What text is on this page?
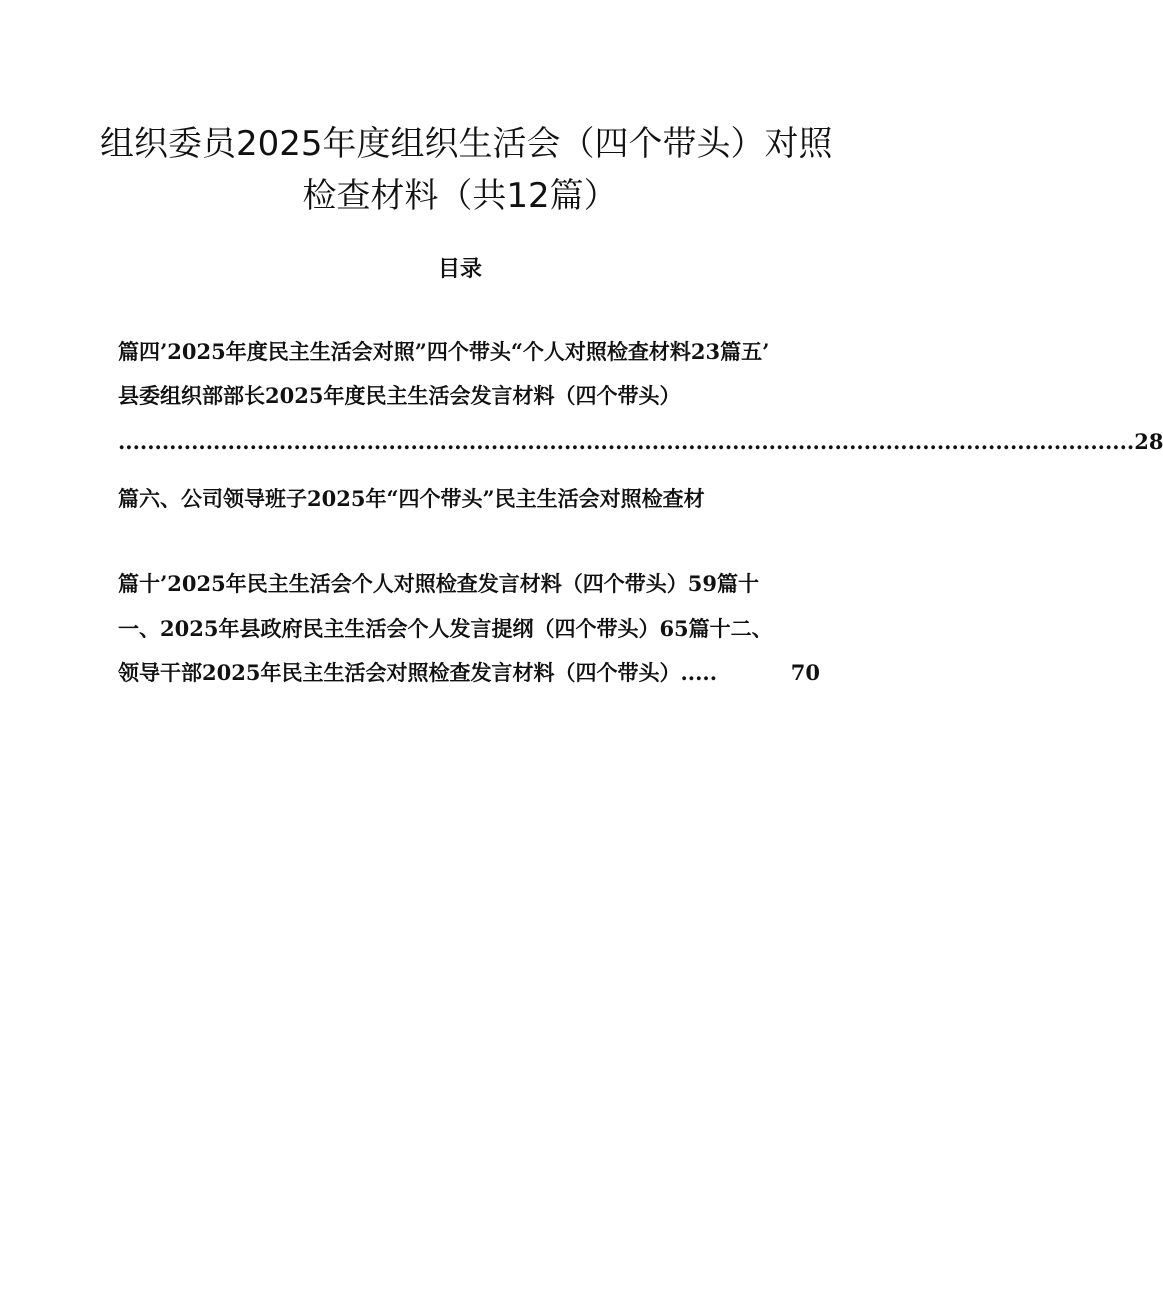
组织委员2025年度组织生活会（四个带头）对照
检查材料（共12篇）
目录
篇四’2025年度民主生活会对照”四个带头“个人对照检查材料23篇五’
县委组织部部长2025年度民主生活会发言材料（四个带头）
........................................................................................................................................... 28
篇六、公司领导班子2025年“四个带头”民主生活会对照检查材
篇十’2025年民主生活会个人对照检查发言材料（四个带头）59篇十
一、2025年县政府民主生活会个人发言提纲（四个带头）65篇十二、
领导干部2025年民主生活会对照检查发言材料（四个带头） .....	70
